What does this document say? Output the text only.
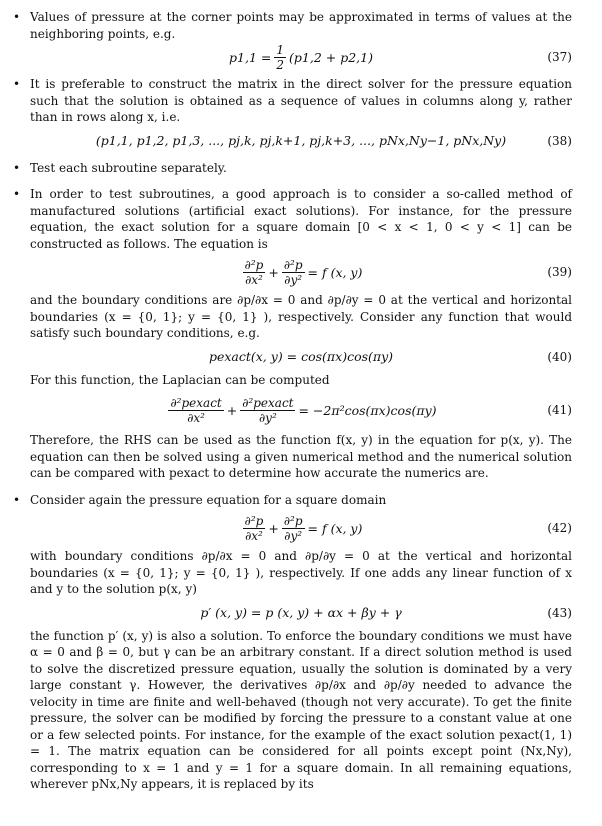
• Values of pressure at the corner points may be approximated in terms of values at the neighboring points, e.g.

$p1,1 = \frac{1}{2} (p1,2 + p2,1)$	(37)
• It is preferable to construct the matrix in the direct solver for the pressure equation such that the solution is obtained as a sequence of values in columns along y, rather than in rows along x, i.e.

(p1,1, p1,2, p1,3, ..., pj,k, pj,k+1, pj,k+3, ..., pNx,Ny−1, pNx,Ny)	(38)
• Test each subroutine separately.

• In order to test subroutines, a good approach is to consider a so-called method of manufactured solutions (artificial exact solutions). For instance, for the pressure equation, the exact solution for a square domain [0 < x < 1, 0 < y < 1] can be constructed as follows. The equation is

$\frac{\text{∂²p}}{\text{∂x²}} + \frac{\text{∂²p}}{\text{∂y²}} = f$ (x, y)	(39)

and the boundary conditions are ∂p/∂x = 0 and ∂p/∂y = 0 at the vertical and horizontal boundaries (x = {0, 1}; y = {0, 1} ), respectively. Consider any function that would satisfy such boundary conditions, e.g.

pexact(x, y) = cos(πx)cos(πy)	(40)

For this function, the Laplacian can be computed

$\frac{\text{∂²pexact}}{\text{∂x²}} + \frac{\text{∂²pexact}}{\text{∂y²}} = -2\pi^2\cos(\pi x)\cos(\pi y)$	(41)

Therefore, the RHS can be used as the function f(x, y) in the equation for p(x, y). The equation can then be solved using a given numerical method and the numerical solution can be compared with pexact to determine how accurate the numerics are.

• Consider again the pressure equation for a square domain

$\frac{\text{∂²p}}{\text{∂x²}} + \frac{\text{∂²p}}{\text{∂y²}} = f$ (x, y)	(42)

with boundary conditions ∂p/∂x = 0 and ∂p/∂y = 0 at the vertical and horizontal boundaries (x = {0, 1}; y = {0, 1} ), respectively. If one adds any linear function of x and y to the solution p(x, y)

p′ (x, y) = p (x, y) + αx + βy + γ	(43)

the function p′ (x, y) is also a solution. To enforce the boundary conditions we must have α = 0 and β = 0, but γ can be an arbitrary constant. If a direct solution method is used to solve the discretized pressure equation, usually the solution is dominated by a very large constant γ. However, the derivatives ∂p/∂x and ∂p/∂y needed to advance the velocity in time are finite and well-behaved (though not very accurate). To get the finite pressure, the solver can be modified by forcing the pressure to a constant value at one or a few selected points. For instance, for the example of the exact solution pexact(1, 1) = 1. The matrix equation can be considered for all points except point (Nx,Ny), corresponding to x = 1 and y = 1 for a square domain. In all remaining equations, wherever pNx,Ny appears, it is replaced by its
